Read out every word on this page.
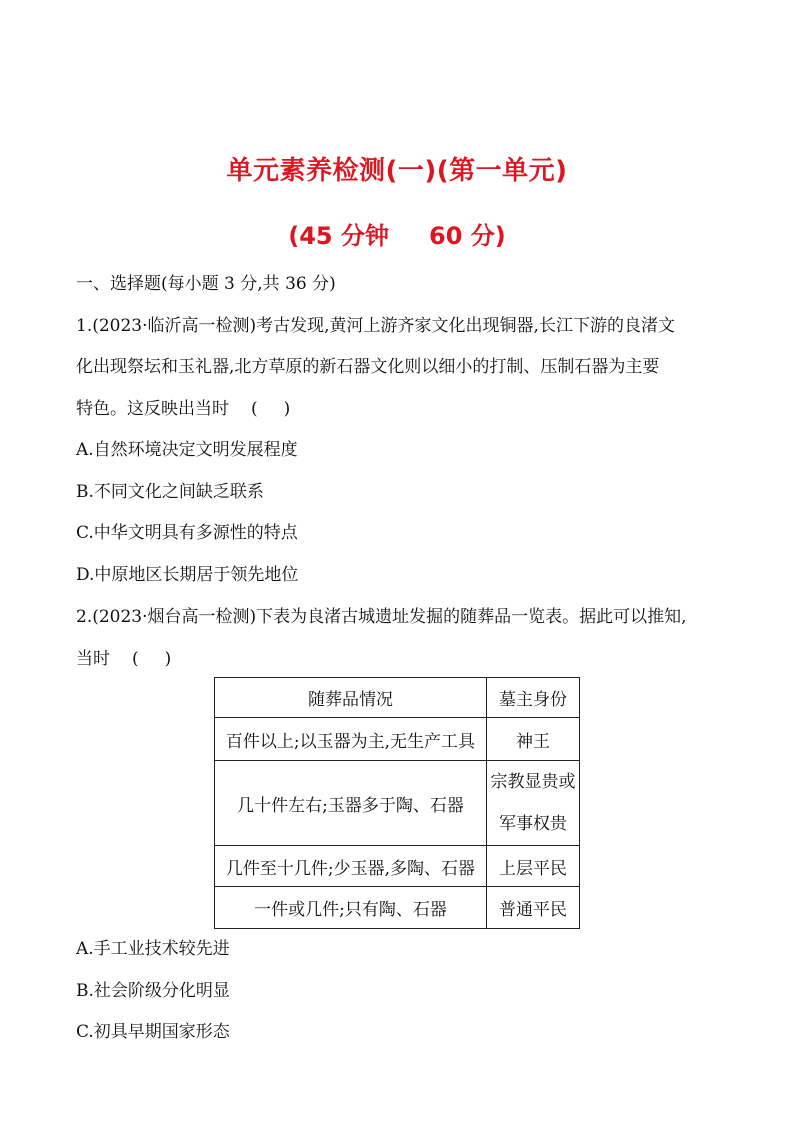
单元素养检测(一)(第一单元)
(45 分钟 60 分)
一、选择题(每小题 3 分,共 36 分)
1.(2023·临沂高一检测)考古发现,黄河上游齐家文化出现铜器,长江下游的良渚文
化出现祭坛和玉礼器,北方草原的新石器文化则以细小的打制、压制石器为主要
特色。这反映出当时 ( )
A.自然环境决定文明发展程度
B.不同文化之间缺乏联系
C.中华文明具有多源性的特点
D.中原地区长期居于领先地位
2.(2023·烟台高一检测)下表为良渚古城遗址发掘的随葬品一览表。据此可以推知,
当时 ( )
随葬品情况	墓主身份
百件以上;以玉器为主,无生产工具	神王
几十件左右;玉器多于陶、石器	宗教显贵或
军事权贵
几件至十几件;少玉器,多陶、石器	上层平民
一件或几件;只有陶、石器	普通平民
A.手工业技术较先进
B.社会阶级分化明显
C.初具早期国家形态
